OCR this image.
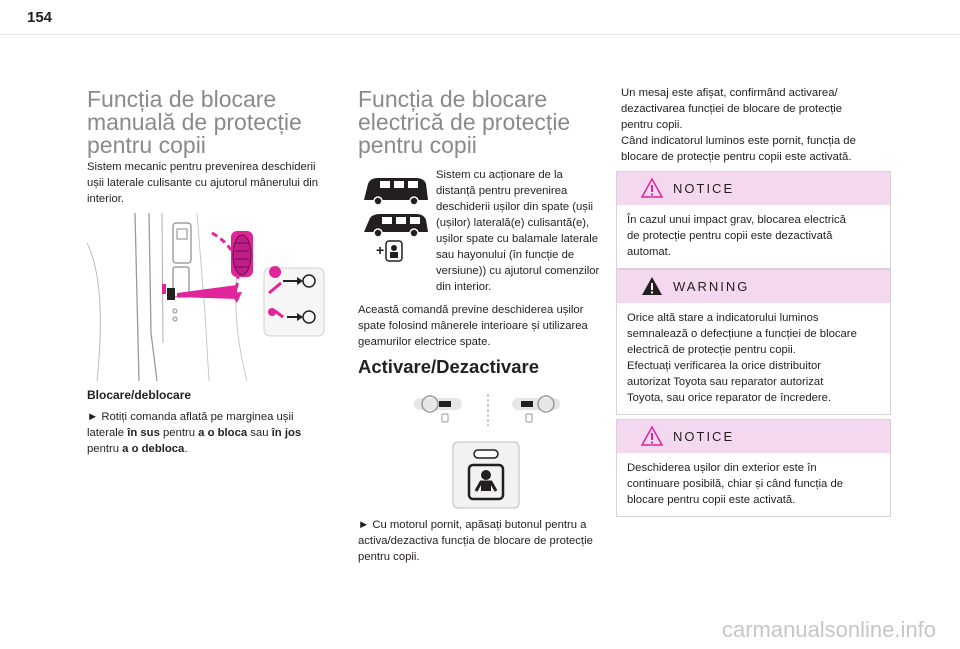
154
Funcția de blocare
manuală de protecție
pentru copii
Sistem mecanic pentru prevenirea deschiderii
ușii laterale culisante cu ajutorul mânerului din
interior.
Blocare/deblocare
► Rotiți comanda aflată pe marginea ușii
laterale în sus pentru a o bloca sau în jos
pentru a o debloca.
Funcția de blocare
electrică de protecție
pentru copii
+
Sistem cu acționare de la
distanță pentru prevenirea
deschiderii ușilor din spate (ușii
(ușilor) laterală(e) culisantă(e),
ușilor spate cu balamale laterale
sau hayonului (în funcție de
versiune)) cu ajutorul comenzilor
din interior.
Această comandă previne deschiderea ușilor
spate folosind mânerele interioare și utilizarea
geamurilor electrice spate.
Activare/Dezactivare
► Cu motorul pornit, apăsați butonul pentru a
activa/dezactiva funcția de blocare de protecție
pentru copii.
Un mesaj este afișat, confirmând activarea/
dezactivarea funcției de blocare de protecție
pentru copii.
Când indicatorul luminos este pornit, funcția de
blocare de protecție pentru copii este activată.
NOTICE
În cazul unui impact grav, blocarea electrică
de protecție pentru copii este dezactivată
automat.
WARNING
Orice altă stare a indicatorului luminos
semnalează o defecțiune a funcției de blocare
electrică de protecție pentru copii.
Efectuați verificarea la orice distribuitor
autorizat Toyota sau reparator autorizat
Toyota, sau orice reparator de încredere.
NOTICE
Deschiderea ușilor din exterior este în
continuare posibilă, chiar și când funcția de
blocare pentru copii este activată.
carmanualsonline.info
